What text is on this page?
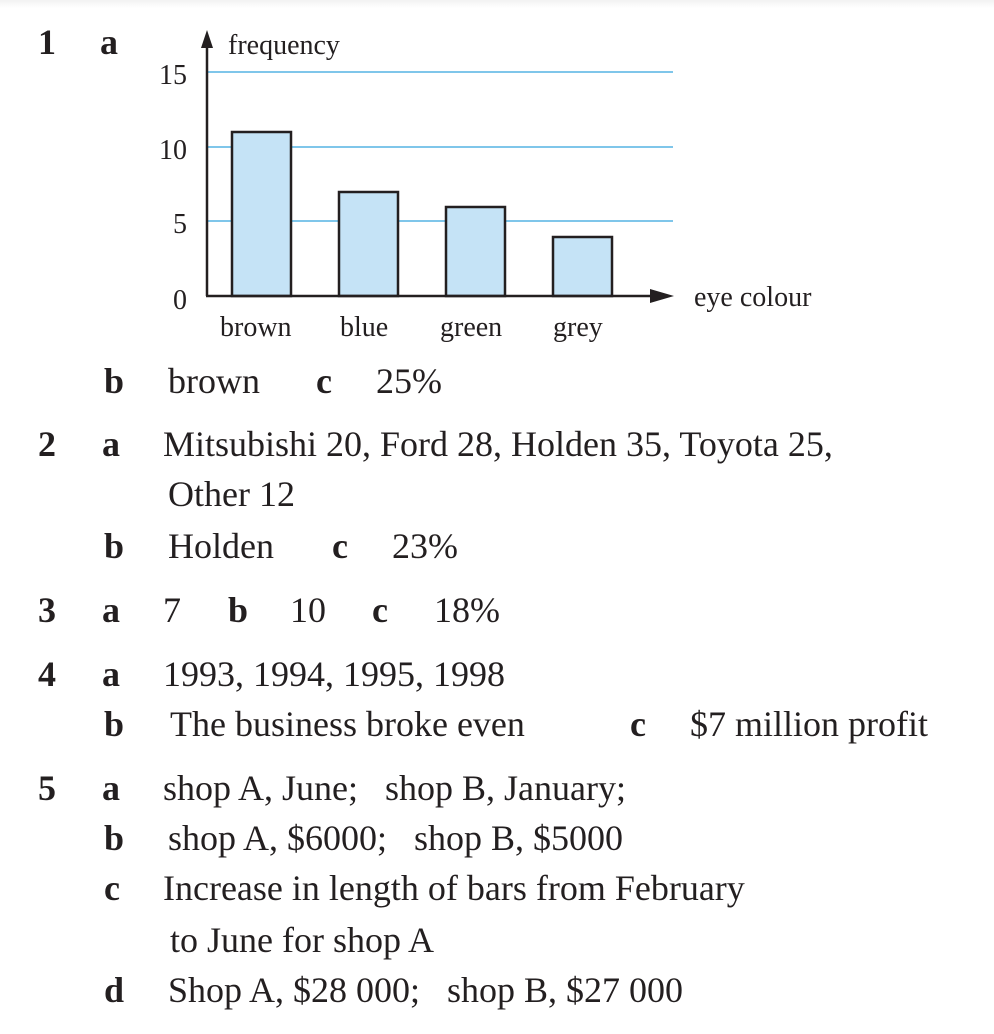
1 a	frequency
15
10
5
0
brown blue green grey
eye colour
b brown c 25%
2 a Mitsubishi 20, Ford 28, Holden 35, Toyota 25,
Other 12
b Holden c 23%
3 a 7 b 10 c 18%
4 a 1993, 1994, 1995, 1998
b The business broke even	c $7 million profit
5 a shop A, June;   shop B, January;
b shop A, $6000;   shop B, $5000
c Increase in length of bars from February
to June for shop A
d Shop A, $28 000;   shop B, $27 000
